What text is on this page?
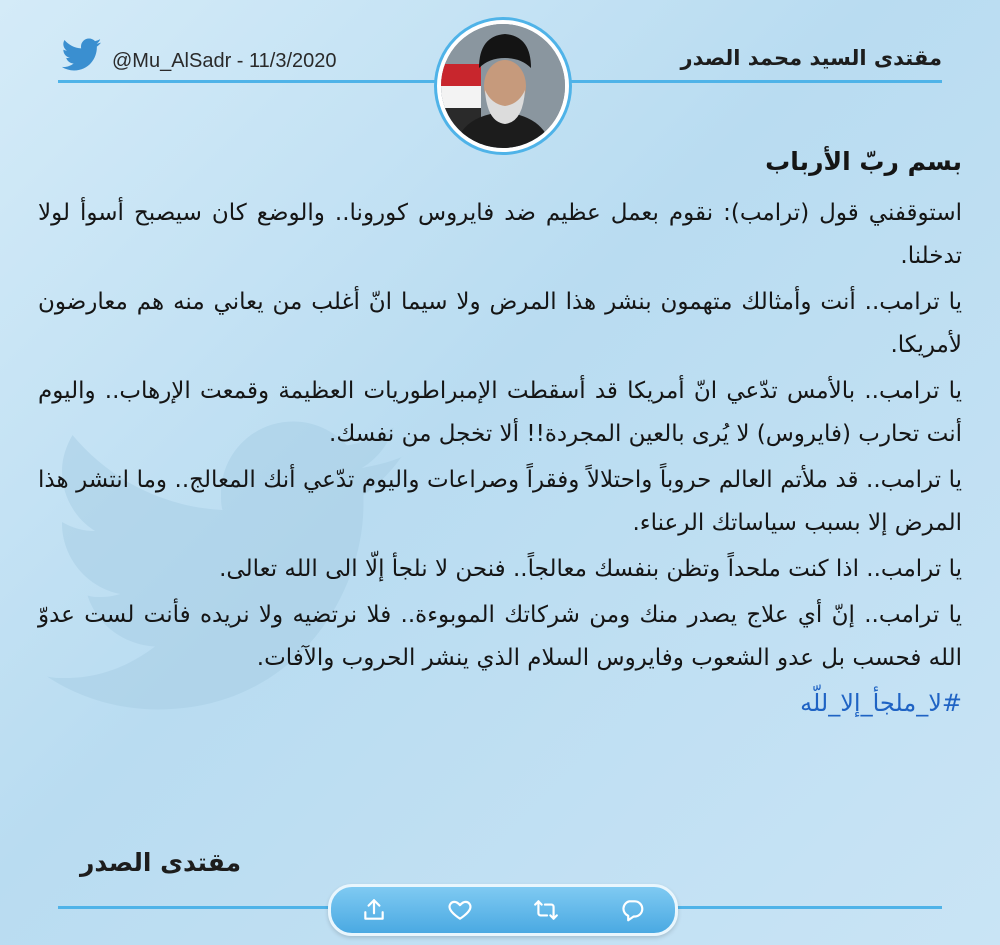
@Mu_AlSadr - 11/3/2020	مقتدى السيد محمد الصدر
بسم ربّ الأرباب

استوقفني قول (ترامب): نقوم بعمل عظيم ضد فايروس كورونا.. والوضع كان سيصبح أسوأ لولا تدخلنا.

يا ترامب.. أنت وأمثالك متهمون بنشر هذا المرض ولا سيما انّ أغلب من يعاني منه هم معارضون لأمريكا.

يا ترامب.. بالأمس تدّعي انّ أمريكا قد أسقطت الإمبراطوريات العظيمة وقمعت الإرهاب.. واليوم أنت تحارب (فايروس) لا يُرى بالعين المجردة!! ألا تخجل من نفسك.

يا ترامب.. قد ملأتم العالم حروباً واحتلالاً وفقراً وصراعات واليوم تدّعي أنك المعالج.. وما انتشر هذا المرض إلا بسبب سياساتك الرعناء.

يا ترامب.. اذا كنت ملحداً وتظن بنفسك معالجاً.. فنحن لا نلجأ إلّا الى الله تعالى.

يا ترامب.. إنّ أي علاج يصدر منك ومن شركاتك الموبوءة.. فلا نرتضيه ولا نريده فأنت لست عدوّ الله فحسب بل عدو الشعوب وفايروس السلام الذي ينشر الحروب والآفات.

#لا_ملجأ_إلا_للّه
مقتدى الصدر
